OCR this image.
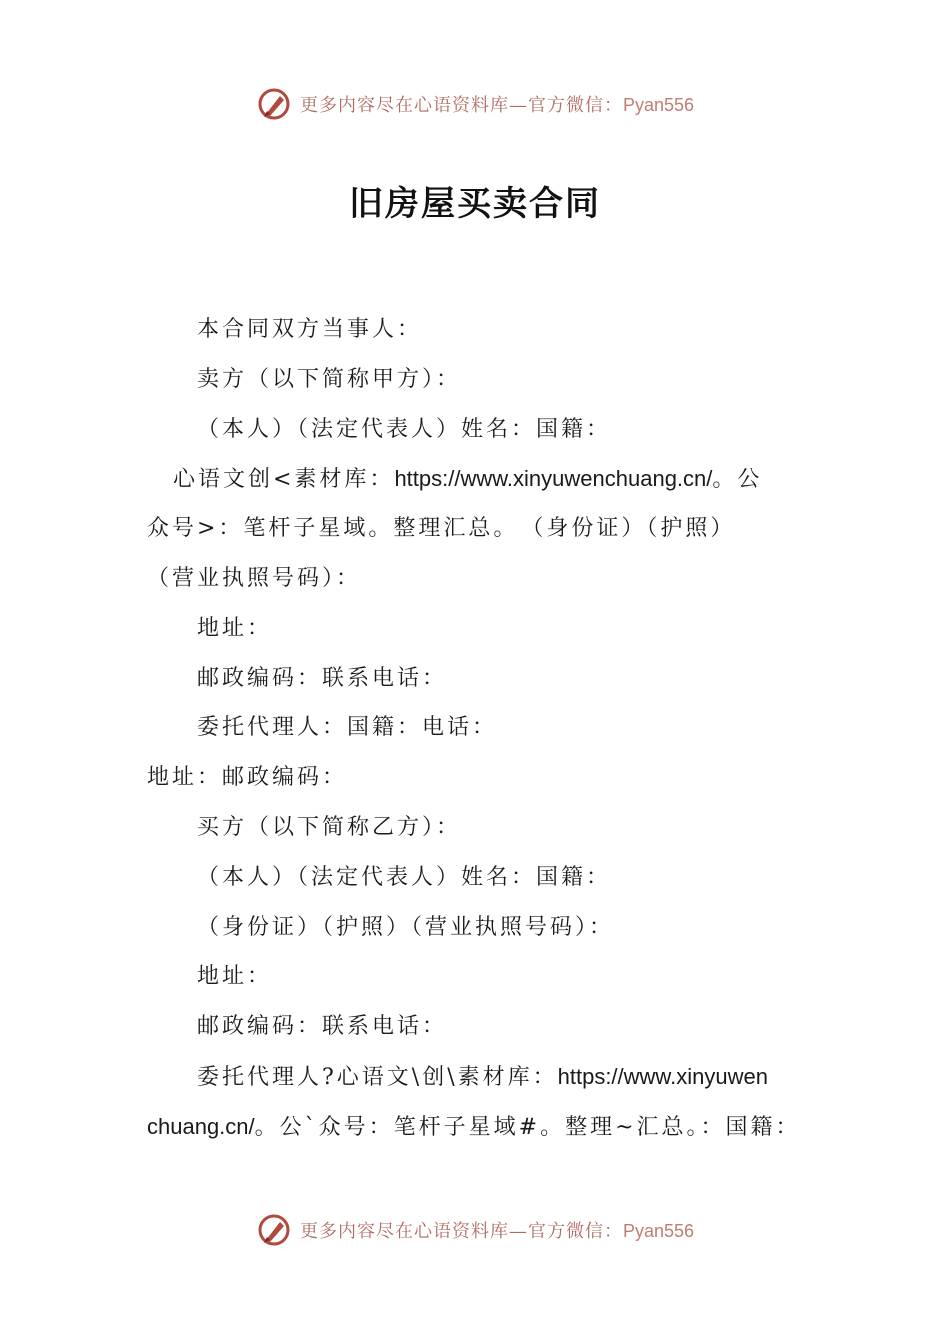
更多内容尽在心语资料库—官方微信：Pyan556
旧房屋买卖合同
本合同双方当事人：
卖方（以下简称甲方）：
（本人）（法定代表人）姓名：国籍：
心语文创<素材库：https://www.xinyuwenchuang.cn/。公
众号>：笔杆子星域。整理汇总。　（身份证）（护照）
（营业执照号码）：
地址：
邮政编码：联系电话：
委托代理人：国籍：电话：
地址：邮政编码：
买方（以下简称乙方）：
（本人）（法定代表人）姓名：国籍：
（身份证）（护照）（营业执照号码）：
地址：
邮政编码：联系电话：
委托代理人?心语文\创\素材库：https://www.xinyuwen
chuang.cn/。公`众号：笔杆子星域#。整理~汇总。：国籍：
更多内容尽在心语资料库—官方微信：Pyan556
